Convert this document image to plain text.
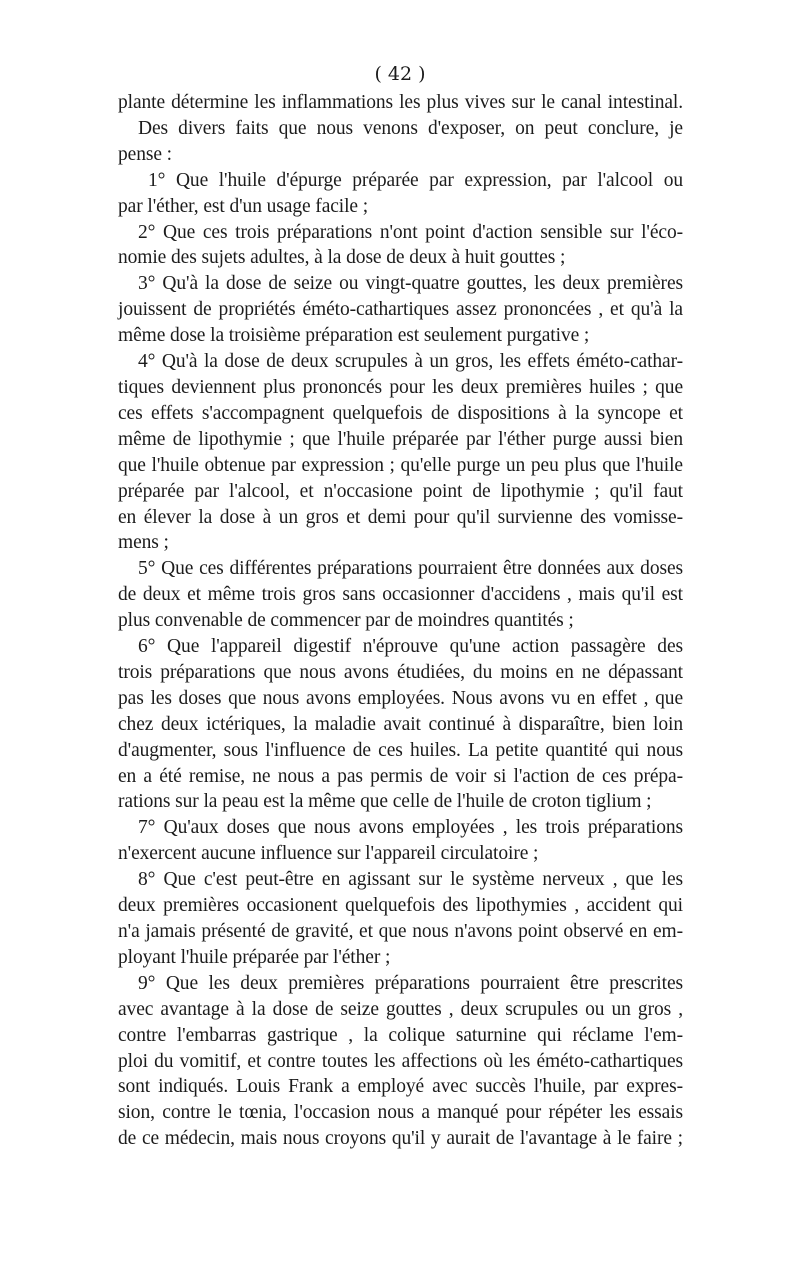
( 42 )
plante détermine les inflammations les plus vives sur le canal intestinal.
Des divers faits que nous venons d'exposer, on peut conclure, je
pense :
1° Que l'huile d'épurge préparée par expression, par l'alcool ou
par l'éther, est d'un usage facile ;
2° Que ces trois préparations n'ont point d'action sensible sur l'éco-
nomie des sujets adultes, à la dose de deux à huit gouttes ;
3° Qu'à la dose de seize ou vingt-quatre gouttes, les deux premières
jouissent de propriétés éméto-cathartiques assez prononcées , et qu'à la
même dose la troisième préparation est seulement purgative ;
4° Qu'à la dose de deux scrupules à un gros, les effets éméto-cathar-
tiques deviennent plus prononcés pour les deux premières huiles ; que
ces effets s'accompagnent quelquefois de dispositions à la syncope et
même de lipothymie ; que l'huile préparée par l'éther purge aussi bien
que l'huile obtenue par expression ; qu'elle purge un peu plus que l'huile
préparée par l'alcool, et n'occasione point de lipothymie ; qu'il faut
en élever la dose à un gros et demi pour qu'il survienne des vomisse-
mens ;
5° Que ces différentes préparations pourraient être données aux doses
de deux et même trois gros sans occasionner d'accidens , mais qu'il est
plus convenable de commencer par de moindres quantités ;
6° Que l'appareil digestif n'éprouve qu'une action passagère des
trois préparations que nous avons étudiées, du moins en ne dépassant
pas les doses que nous avons employées. Nous avons vu en effet , que
chez deux ictériques, la maladie avait continué à disparaître, bien loin
d'augmenter, sous l'influence de ces huiles. La petite quantité qui nous
en a été remise, ne nous a pas permis de voir si l'action de ces prépa-
rations sur la peau est la même que celle de l'huile de croton tiglium ;
7° Qu'aux doses que nous avons employées , les trois préparations
n'exercent aucune influence sur l'appareil circulatoire ;
8° Que c'est peut-être en agissant sur le système nerveux , que les
deux premières occasionent quelquefois des lipothymies , accident qui
n'a jamais présenté de gravité, et que nous n'avons point observé en em-
ployant l'huile préparée par l'éther ;
9° Que les deux premières préparations pourraient être prescrites
avec avantage à la dose de seize gouttes , deux scrupules ou un gros ,
contre l'embarras gastrique , la colique saturnine qui réclame l'em-
ploi du vomitif, et contre toutes les affections où les éméto-cathartiques
sont indiqués. Louis Frank a employé avec succès l'huile, par expres-
sion, contre le tœnia, l'occasion nous a manqué pour répéter les essais
de ce médecin, mais nous croyons qu'il y aurait de l'avantage à le faire ;
